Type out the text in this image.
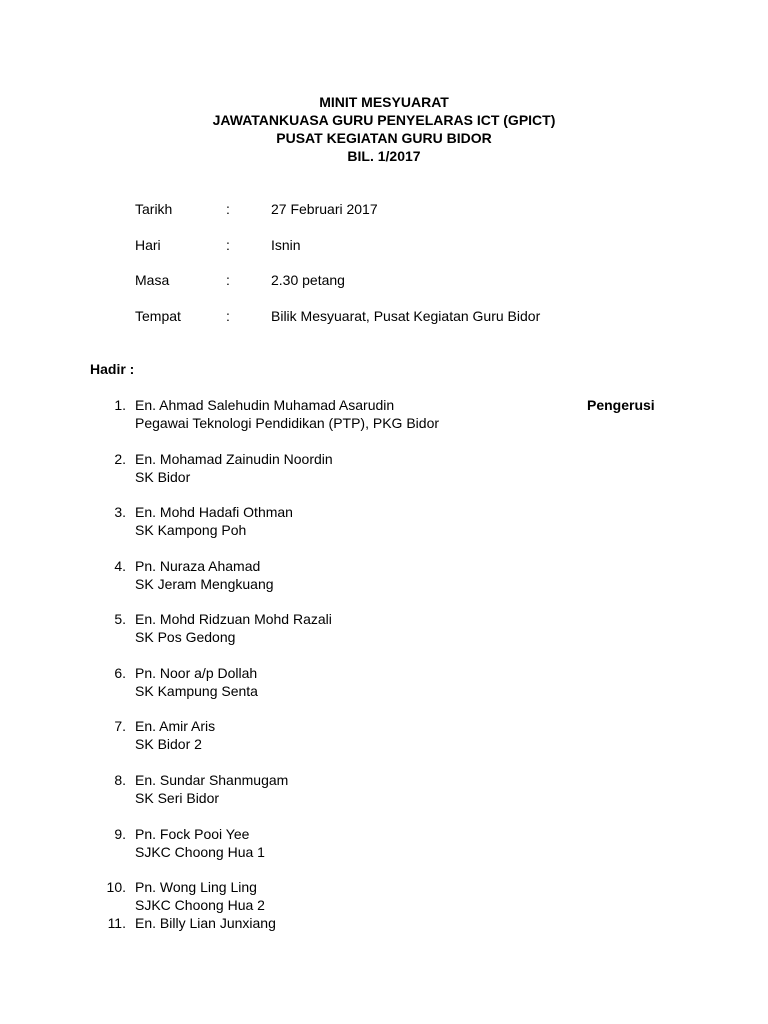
MINIT MESYUARAT
JAWATANKUASA GURU PENYELARAS ICT (GPICT)
PUSAT KEGIATAN GURU BIDOR
BIL. 1/2017
Tarikh	:	27 Februari 2017
Hari	:	Isnin
Masa	:	2.30 petang
Tempat	:	Bilik Mesyuarat, Pusat Kegiatan Guru Bidor
Hadir :
1. En. Ahmad Salehudin Muhamad Asarudin	Pengerusi
Pegawai Teknologi Pendidikan (PTP), PKG Bidor
2. En. Mohamad Zainudin Noordin
SK Bidor
3. En. Mohd Hadafi Othman
SK Kampong Poh
4. Pn. Nuraza Ahamad
SK Jeram Mengkuang
5. En. Mohd Ridzuan Mohd Razali
SK Pos Gedong
6. Pn. Noor a/p Dollah
SK Kampung Senta
7. En. Amir Aris
SK Bidor 2
8. En. Sundar Shanmugam
SK Seri Bidor
9. Pn. Fock Pooi Yee
SJKC Choong Hua 1
10. Pn. Wong Ling Ling
SJKC Choong Hua 2
11. En. Billy Lian Junxiang
